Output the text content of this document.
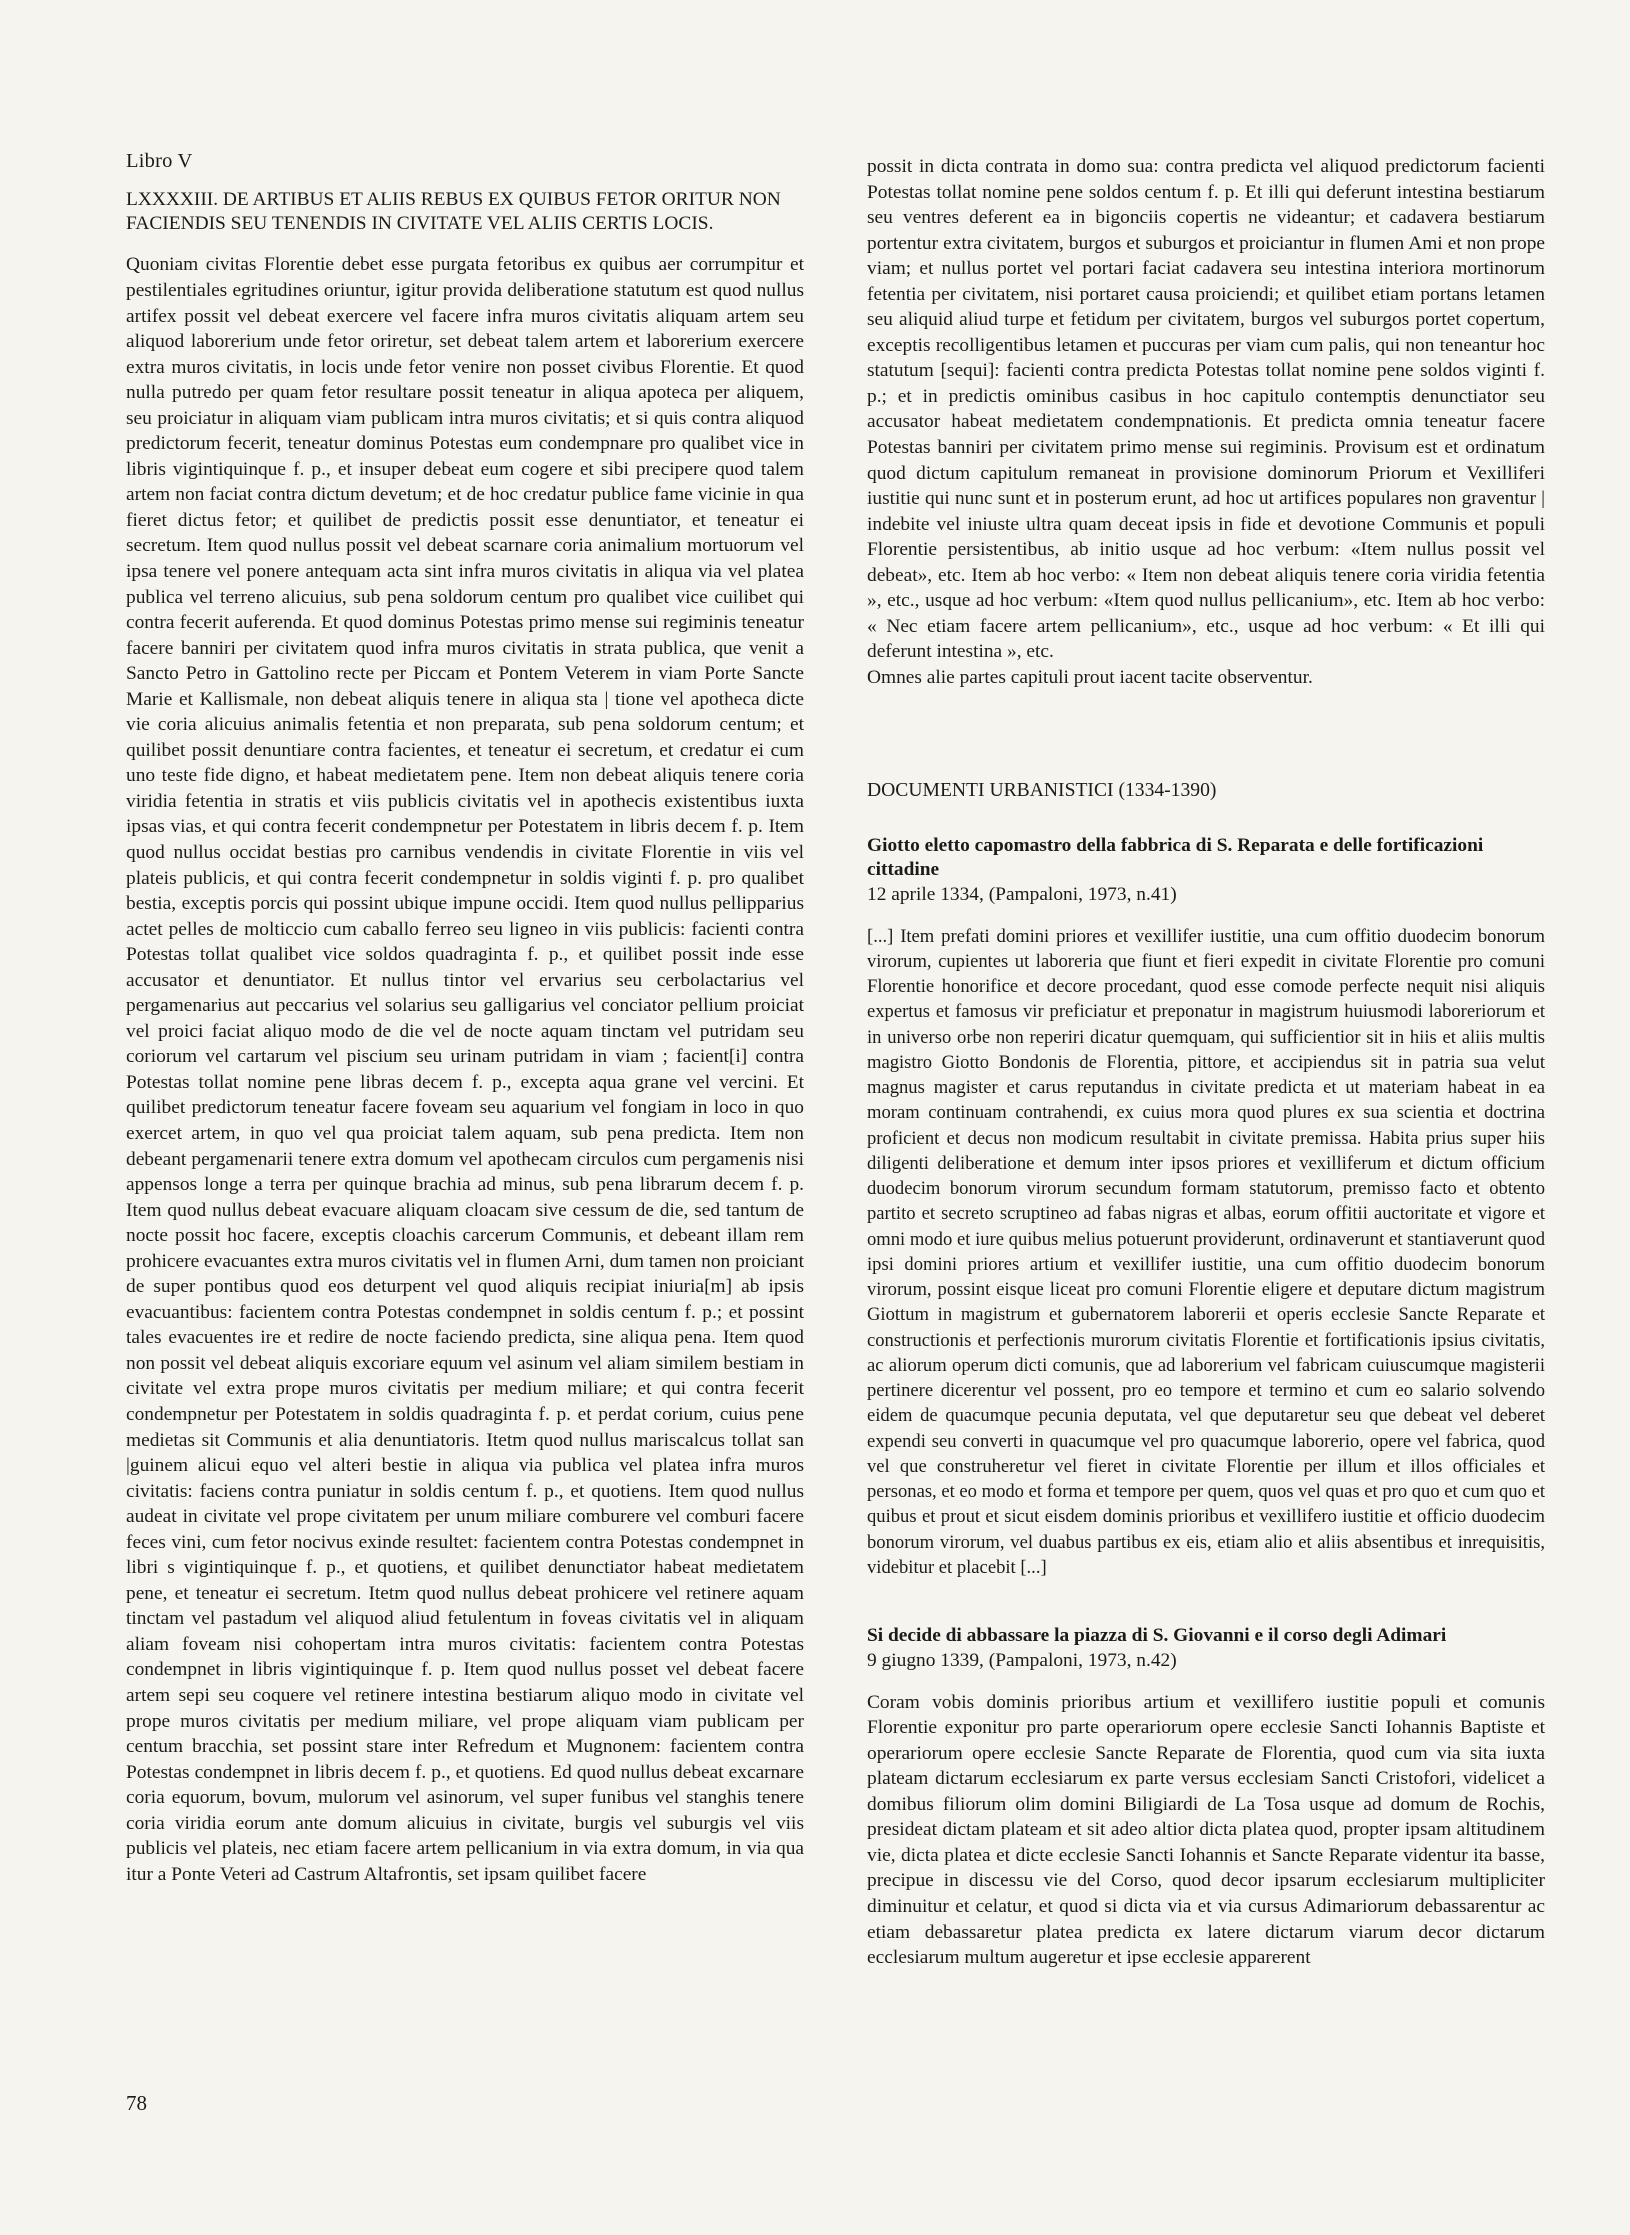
Libro V

LXXXXIII. DE ARTIBUS ET ALIIS REBUS EX QUIBUS FETOR ORITUR NON FACIENDIS SEU TENENDIS IN CIVITATE VEL ALIIS CERTIS LOCIS.

Quoniam civitas Florentie debet esse purgata fetoribus ex quibus aer corrumpitur et pestilentiales egritudines oriuntur, igitur provida deliberatione statutum est quod nullus artifex possit vel debeat exercere vel facere infra muros civitatis aliquam artem seu aliquod laborerium unde fetor oriretur, set debeat talem artem et laborerium exercere extra muros civitatis, in locis unde fetor venire non posset civibus Florentie. Et quod nulla putredo per quam fetor resultare possit teneatur in aliqua apoteca per aliquem, seu proiciatur in aliquam viam publicam intra muros civitatis; et si quis contra aliquod predictorum fecerit, teneatur dominus Potestas eum condempnare pro qualibet vice in libris vigintiquinque f. p., et insuper debeat eum cogere et sibi precipere quod talem artem non faciat contra dictum devetum; et de hoc credatur publice fame vicinie in qua fieret dictus fetor; et quilibet de predictis possit esse denuntiator, et teneatur ei secretum. Item quod nullus possit vel debeat scarnare coria animalium mortuorum vel ipsa tenere vel ponere antequam acta sint infra muros civitatis in aliqua via vel platea publica vel terreno alicuius, sub pena soldorum centum pro qualibet vice cuilibet qui contra fecerit auferenda. Et quod dominus Potestas primo mense sui regiminis teneatur facere banniri per civitatem quod infra muros civitatis in strata publica, que venit a Sancto Petro in Gattolino recte per Piccam et Pontem Veterem in viam Porte Sancte Marie et Kallismale, non debeat aliquis tenere in aliqua sta | tione vel apotheca dicte vie coria alicuius animalis fetentia et non preparata, sub pena soldorum centum; et quilibet possit denuntiare contra facientes, et teneatur ei secretum, et credatur ei cum uno teste fide digno, et habeat medietatem pene. Item non debeat aliquis tenere coria viridia fetentia in stratis et viis publicis civitatis vel in apothecis existentibus iuxta ipsas vias, et qui contra fecerit condempnetur per Potestatem in libris decem f. p. Item quod nullus occidat bestias pro carnibus vendendis in civitate Florentie in viis vel plateis publicis, et qui contra fecerit condempnetur in soldis viginti f. p. pro qualibet bestia, exceptis porcis qui possint ubique impune occidi. Item quod nullus pellipparius actet pelles de molticcio cum caballo ferreo seu ligneo in viis publicis: facienti contra Potestas tollat qualibet vice soldos quadraginta f. p., et quilibet possit inde esse accusator et denuntiator. Et nullus tintor vel ervarius seu cerbolactarius vel pergamenarius aut peccarius vel solarius seu galligarius vel conciator pellium proiciat vel proici faciat aliquo modo de die vel de nocte aquam tinctam vel putridam seu coriorum vel cartarum vel piscium seu urinam putridam in viam ; facient[i] contra Potestas tollat nomine pene libras decem f. p., excepta aqua grane vel vercini. Et quilibet predictorum teneatur facere foveam seu aquarium vel fongiam in loco in quo exercet artem, in quo vel qua proiciat talem aquam, sub pena predicta. Item non debeant pergamenarii tenere extra domum vel apothecam circulos cum pergamenis nisi appensos longe a terra per quinque brachia ad minus, sub pena librarum decem f. p. Item quod nullus debeat evacuare aliquam cloacam sive cessum de die, sed tantum de nocte possit hoc facere, exceptis cloachis carcerum Communis, et debeant illam rem prohicere evacuantes extra muros civitatis vel in flumen Arni, dum tamen non proiciant de super pontibus quod eos deturpent vel quod aliquis recipiat iniuria[m] ab ipsis evacuantibus: facientem contra Potestas condempnet in soldis centum f. p.; et possint tales evacuentes ire et redire de nocte faciendo predicta, sine aliqua pena. Item quod non possit vel debeat aliquis excoriare equum vel asinum vel aliam similem bestiam in civitate vel extra prope muros civitatis per medium miliare; et qui contra fecerit condempnetur per Potestatem in soldis quadraginta f. p. et perdat corium, cuius pene medietas sit Communis et alia denuntiatoris. Itetm quod nullus mariscalcus tollat san |guinem alicui equo vel alteri bestie in aliqua via publica vel platea infra muros civitatis: faciens contra puniatur in soldis centum f. p., et quotiens. Item quod nullus audeat in civitate vel prope civitatem per unum miliare comburere vel comburi facere feces vini, cum fetor nocivus exinde resultet: facientem contra Potestas condempnet in libri s vigintiquinque f. p., et quotiens, et quilibet denunctiator habeat medietatem pene, et teneatur ei secretum. Itetm quod nullus debeat prohicere vel retinere aquam tinctam vel pastadum vel aliquod aliud fetulentum in foveas civitatis vel in aliquam aliam foveam nisi cohopertam intra muros civitatis: facientem contra Potestas condempnet in libris vigintiquinque f. p. Item quod nullus posset vel debeat facere artem sepi seu coquere vel retinere intestina bestiarum aliquo modo in civitate vel prope muros civitatis per medium miliare, vel prope aliquam viam publicam per centum bracchia, set possint stare inter Refredum et Mugnonem: facientem contra Potestas condempnet in libris decem f. p., et quotiens. Ed quod nullus debeat excarnare coria equorum, bovum, mulorum vel asinorum, vel super funibus vel stanghis tenere coria viridia eorum ante domum alicuius in civitate, burgis vel suburgis vel viis publicis vel plateis, nec etiam facere artem pellicanium in via extra domum, in via qua itur a Ponte Veteri ad Castrum Altafrontis, set ipsam quilibet facere

possit in dicta contrata in domo sua: contra predicta vel aliquod predictorum facienti Potestas tollat nomine pene soldos centum f. p. Et illi qui deferunt intestina bestiarum seu ventres deferent ea in bigonciis copertis ne videantur; et cadavera bestiarum portentur extra civitatem, burgos et suburgos et proiciantur in flumen Ami et non prope viam; et nullus portet vel portari faciat cadavera seu intestina interiora mortinorum fetentia per civitatem, nisi portaret causa proiciendi; et quilibet etiam portans letamen seu aliquid aliud turpe et fetidum per civitatem, burgos vel suburgos portet copertum, exceptis recolligentibus letamen et puccuras per viam cum palis, qui non teneantur hoc statutum [sequi]: facienti contra predicta Potestas tollat nomine pene soldos viginti f. p.; et in predictis ominibus casibus in hoc capitulo contemptis denunctiator seu accusator habeat medietatem condempnationis. Et predicta omnia teneatur facere Potestas banniri per civitatem primo mense sui regiminis. Provisum est et ordinatum quod dictum capitulum remaneat in provisione dominorum Priorum et Vexilliferi iustitie qui nunc sunt et in posterum erunt, ad hoc ut artifices populares non graventur | indebite vel iniuste ultra quam deceat ipsis in fide et devotione Communis et populi Florentie persistentibus, ab initio usque ad hoc verbum: «Item nullus possit vel debeat», etc. Item ab hoc verbo: « Item non debeat aliquis tenere coria viridia fetentia », etc., usque ad hoc verbum: «Item quod nullus pellicanium», etc. Item ab hoc verbo: « Nec etiam facere artem pellicanium», etc., usque ad hoc verbum: « Et illi qui deferunt intestina », etc.

Omnes alie partes capituli prout iacent tacite observentur.

DOCUMENTI URBANISTICI (1334-1390)

Giotto eletto capomastro della fabbrica di S. Reparata e delle fortificazioni cittadine

12 aprile 1334, (Pampaloni, 1973, n.41)

[...] Item prefati domini priores et vexillifer iustitie, una cum offitio duodecim bonorum virorum, cupientes ut laboreria que fiunt et fieri expedit in civitate Florentie pro comuni Florentie honorifice et decore procedant, quod esse comode perfecte nequit nisi aliquis expertus et famosus vir preficiatur et preponatur in magistrum huiusmodi laboreriorum et in universo orbe non reperiri dicatur quemquam, qui sufficientior sit in hiis et aliis multis magistro Giotto Bondonis de Florentia, pittore, et accipiendus sit in patria sua velut magnus magister et carus reputandus in civitate predicta et ut materiam habeat in ea moram continuam contrahendi, ex cuius mora quod plures ex sua scientia et doctrina proficient et decus non modicum resultabit in civitate premissa. Habita prius super hiis diligenti deliberatione et demum inter ipsos priores et vexilliferum et dictum officium duodecim bonorum virorum secundum formam statutorum, premisso facto et obtento partito et secreto scruptineo ad fabas nigras et albas, eorum offitii auctoritate et vigore et omni modo et iure quibus melius potuerunt providerunt, ordinaverunt et stantiaverunt quod ipsi domini priores artium et vexillifer iustitie, una cum offitio duodecim bonorum virorum, possint eisque liceat pro comuni Florentie eligere et deputare dictum magistrum Giottum in magistrum et gubernatorem laborerii et operis ecclesie Sancte Reparate et constructionis et perfectionis murorum civitatis Florentie et fortificationis ipsius civitatis, ac aliorum operum dicti comunis, que ad laborerium vel fabricam cuiuscumque magisterii pertinere dicerentur vel possent, pro eo tempore et termino et cum eo salario solvendo eidem de quacumque pecunia deputata, vel que deputaretur seu que debeat vel deberet expendi seu converti in quacumque vel pro quacumque laborerio, opere vel fabrica, quod vel que construheretur vel fieret in civitate Florentie per illum et illos officiales et personas, et eo modo et forma et tempore per quem, quos vel quas et pro quo et cum quo et quibus et prout et sicut eisdem dominis prioribus et vexillifero iustitie et officio duodecim bonorum virorum, vel duabus partibus ex eis, etiam alio et aliis absentibus et inrequisitis, videbitur et placebit [...]

Si decide di abbassare la piazza di S. Giovanni e il corso degli Adimari

9 giugno 1339, (Pampaloni, 1973, n.42)

Coram vobis dominis prioribus artium et vexillifero iustitie populi et comunis Florentie exponitur pro parte operariorum opere ecclesie Sancti Iohannis Baptiste et operariorum opere ecclesie Sancte Reparate de Florentia, quod cum via sita iuxta plateam dictarum ecclesiarum ex parte versus ecclesiam Sancti Cristofori, videlicet a domibus filiorum olim domini Biligiardi de La Tosa usque ad domum de Rochis, presideat dictam plateam et sit adeo altior dicta platea quod, propter ipsam altitudinem vie, dicta platea et dicte ecclesie Sancti Iohannis et Sancte Reparate videntur ita basse, precipue in discessu vie del Corso, quod decor ipsarum ecclesiarum multipliciter diminuitur et celatur, et quod si dicta via et via cursus Adimariorum debassarentur ac etiam debassaretur platea predicta ex latere dictarum viarum decor dictarum ecclesiarum multum augeretur et ipse ecclesie apparerent

78
